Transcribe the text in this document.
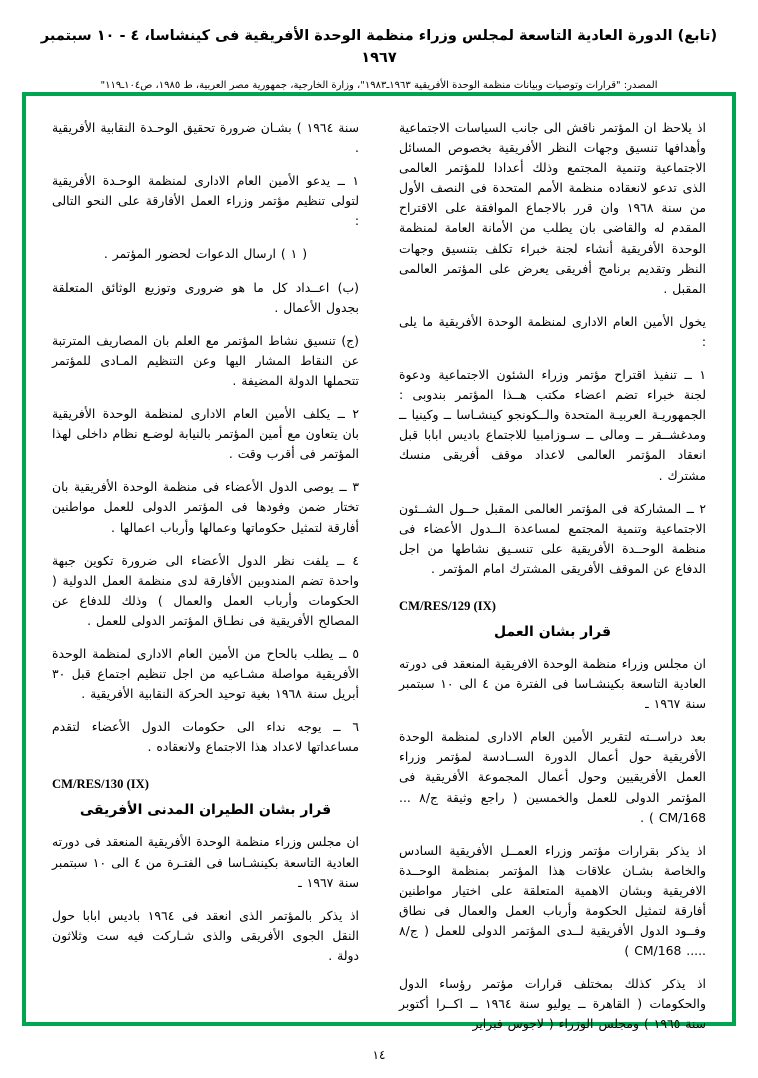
(تابع) الدورة العادية التاسعة لمجلس وزراء منظمة الوحدة الأفريقية فى كينشاسا، ٤ - ١٠ سبتمبر ١٩٦٧
المصدر: "قرارات وتوصيات وبيانات منظمة الوحدة الأفريقية ١٩٦٣ـ١٩٨٣"، وزارة الخارجية، جمهورية مصر العربية، ط ١٩٨٥، ص١٠٤ـ١١٩"

اذ يلاحظ ان المؤتمر ناقش الى جانب السياسات الاجتماعية وأهدافها تنسيق وجهات النظر الأفريقية بخصوص المسائل الاجتماعية وتنمية المجتمع وذلك أعدادا للمؤتمر العالمى الذى تدعو لانعقاده منظمة الأمم المتحدة فى النصف الأول من سنة ١٩٦٨ وان قرر بالاجماع الموافقة على الاقتراح المقدم له والقاضى بان يطلب من الأمانة العامة لمنظمة الوحدة الأفريقية أنشاء لجنة خبراء تكلف بتنسيق وجهات النظر وتقديم برنامج أفريقى يعرض على المؤتمر العالمى المقبل .

يخول الأمين العام الادارى لمنظمة الوحدة الأفريقية ما يلى :

١ ــ تنفيذ اقتراح مؤتمر وزراء الشئون الاجتماعية ودعوة لجنة خبراء تضم اعضاء مكتب هــذا المؤتمر بندوبى : الجمهوريـة العربيـة المتحدة والــكونجو كينشـاسا ــ وكينيا ــ ومدغشــقر ــ ومالى ــ سـوزامبيا للاجتماع باديس ابابا قبل انعقاد المؤتمر العالمى لاعداد موقف أفريقى منسك مشترك .

٢ ــ المشاركة فى المؤتمر العالمى المقبل حــول الشــئون الاجتماعية وتنمية المجتمع لمساعدة الــدول الأعضاء فى منظمة الوحــدة الأفريقية على تنسـيق نشاطها من اجل الدفاع عن الموقف الأفريقى المشترك امام المؤتمر .

CM/RES/129 (IX)
قرار بشان العمل

ان مجلس وزراء منظمة الوحدة الافريقية المنعقد فى دورته العادية التاسعة بكينشـاسا فى الفترة من ٤ الى ١٠ سبتمبر سنة ١٩٦٧ ـ

بعد دراســته لتقرير الأمين العام الادارى لمنظمة الوحدة الأفريقية حول أعمال الدورة الســادسة لمؤتمر وزراء العمل الأفريقيين وحول أعمال المجموعة الأفريقية فى المؤتمر الدولى للعمل والخمسين ( راجع وثيقة ج/٨ ... CM/168 ) .

اذ يذكر بقرارات مؤتمر وزراء العمــل الأفريقية السادس والخاصة بشـان علاقات هذا المؤتمر بمنظمة الوحــدة الافريقية وبشان الاهمية المتعلقة على اختيار مواطنين أفارقة لتمثيل الحكومة وأرباب العمل والعمال فى نطاق وفــود الدول الأفريقية لــدى المؤتمر الدولى للعمل ( ج/٨ ..... CM/168 )

اذ يذكر كذلك بمختلف قرارات مؤتمر رؤساء الدول والحكومات ( القاهرة ــ يوليو سنة ١٩٦٤ ــ اكــرا أكتوبر سنة ١٩٦٥ ) ومجلس الوزراء ( لاجوس فبراير

سنة ١٩٦٤ ) بشـان ضرورة تحقيق الوحـدة النقابية الأفريقية .

١ ــ يدعو الأمين العام الادارى لمنظمة الوحـدة الأفريقية لتولى تنظيم مؤتمر وزراء العمل الأفارقة على النحو التالى :

( ١ ) ارسال الدعوات لحضور المؤتمر .

(ب) اعــداد كل ما هو ضرورى وتوزيع الوثائق المتعلقة بجدول الأعمال .

(ج) تنسيق نشاط المؤتمر مع العلم بان المصاريف المترتبة عن النقاط المشار اليها وعن التنظيم المـادى للمؤتمر تتحملها الدولة المضيفة .

٢ ــ يكلف الأمين العام الادارى لمنظمة الوحدة الأفريقية بان يتعاون مع أمين المؤتمر بالنيابة لوضـع نظام داخلى لهذا المؤتمر فى أقرب وقت .

٣ ــ يوصى الدول الأعضاء فى منظمة الوحدة الأفريقية بان تختار ضمن وفودها فى المؤتمر الدولى للعمل مواطنين أفارقة لتمثيل حكوماتها وعمالها وأرباب اعمالها .

٤ ــ يلفت نظر الدول الأعضاء الى ضرورة تكوين جبهة واحدة تضم المندوبين الأفارقة لدى منظمة العمل الدولية ( الحكومات وأرباب العمل والعمال ) وذلك للدفاع عن المصالح الأفريقية فى نطـاق المؤتمر الدولى للعمل .

٥ ــ يطلب بالحاح من الأمين العام الادارى لمنظمة الوحدة الأفريقية مواصلة مشـاعيه من اجل تنظيم اجتماع قبل ٣٠ أبريل سنة ١٩٦٨ بغية توحيد الحركة النقابية الأفريقية .

٦ ــ يوجه نداء الى حكومات الدول الأعضاء لتقدم مساعداتها لاعداد هذا الاجتماع ولانعقاده .

CM/RES/130 (IX)
قرار بشان الطيران المدنى الأفريقى

ان مجلس وزراء منظمة الوحدة الأفريقية المنعقد فى دورته العادية التاسعة بكينشـاسا فى الفتـرة من ٤ الى ١٠ سبتمبر سنة ١٩٦٧ ـ

اذ يذكر بالمؤتمر الذى انعقد فى ١٩٦٤ باديس ابابا حول النقل الجوى الأفريقى والذى شـاركت فيه ست وثلاثون دولة .

١٤
